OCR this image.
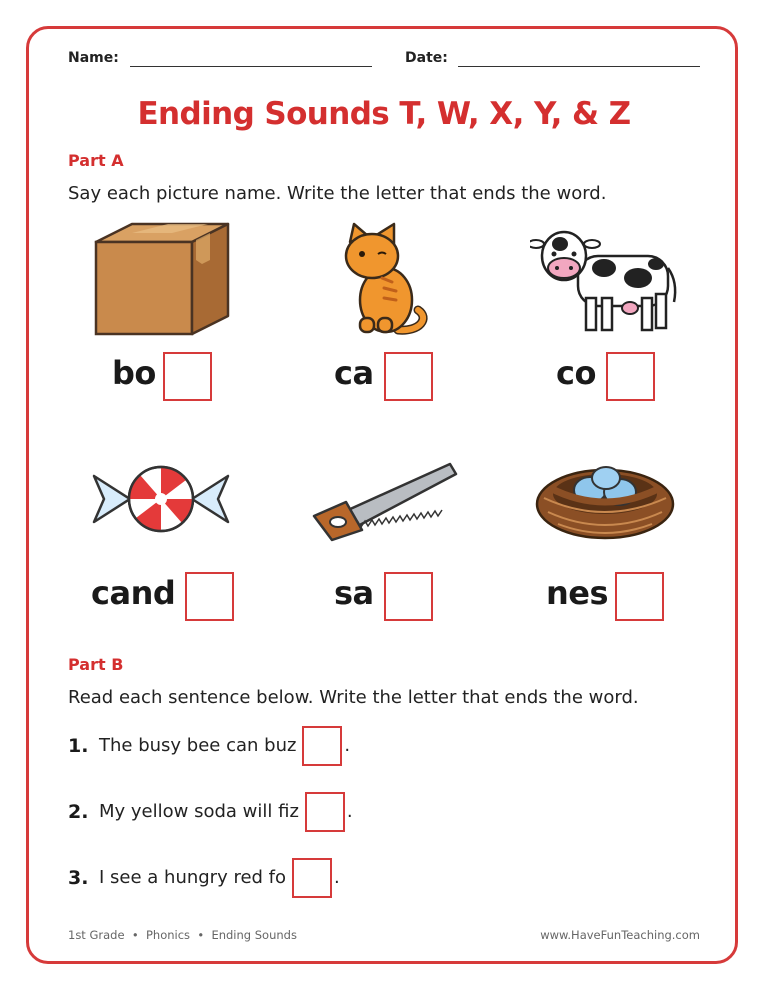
Name:	Date:
Ending Sounds T, W, X, Y, & Z
Part A
Say each picture name. Write the letter that ends the word.
bo	ca	co
cand	sa	nes
Part B
Read each sentence below. Write the letter that ends the word.
1. The busy bee can buz	.
2. My yellow soda will fiz	.
3. I see a hungry red fo	.
1st Grade  •  Phonics  •  Ending Sounds	www.HaveFunTeaching.com
